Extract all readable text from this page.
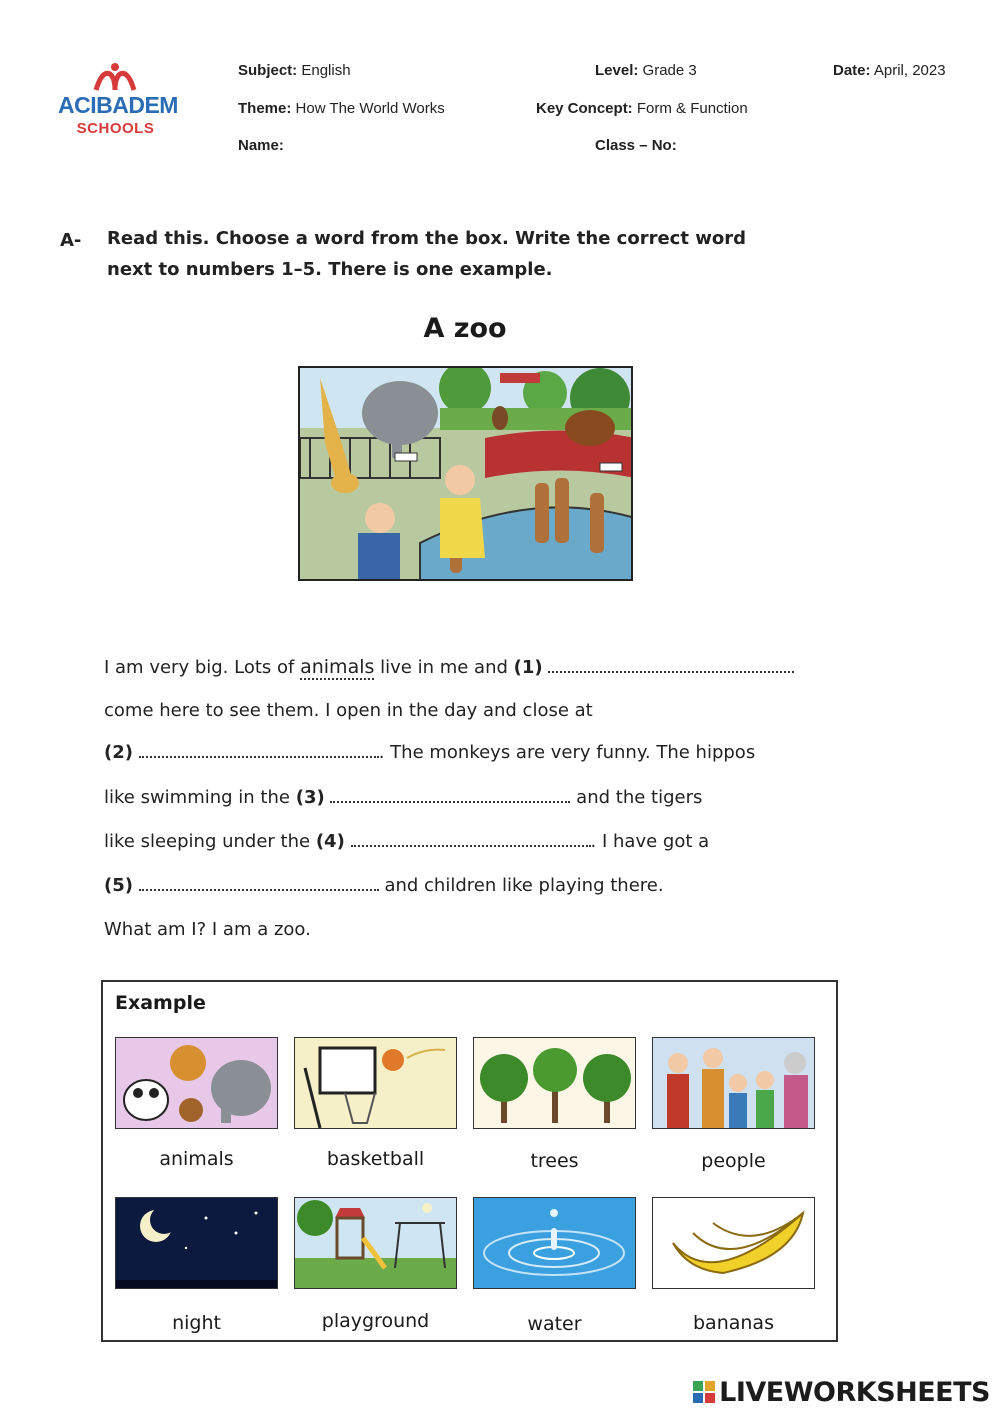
ACIBADEM
SCHOOLS
Subject: English	Level: Grade 3	Date: April, 2023
Theme: How The World Works	Key Concept: Form & Function
Name:	Class – No:
A- Read this. Choose a word from the box. Write the correct word
next to numbers 1–5. There is one example.
A zoo
I am very big. Lots of animals live in me and (1)
come here to see them. I open in the day and close at
(2)	. The monkeys are very funny. The hippos
like swimming in the (3)	and the tigers
like sleeping under the (4)	. I have got a
(5)	and children like playing there.
What am I? I am a zoo.
Example
animals	basketball	trees	people
night	playground	water	bananas
LIVEWORKSHEETS
